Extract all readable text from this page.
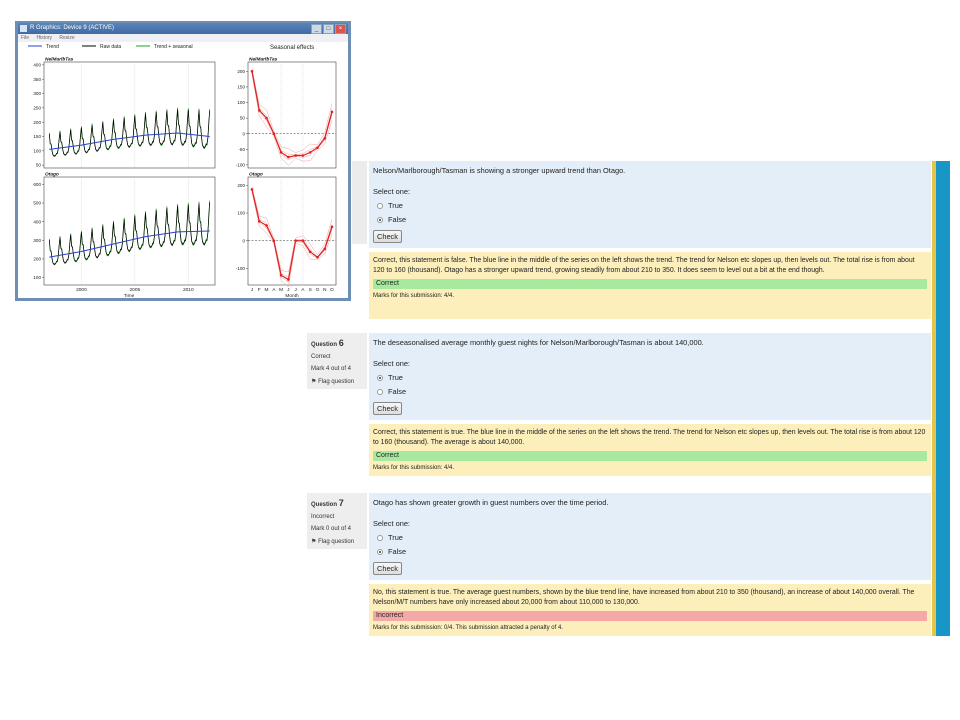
R Graphics: Device 9 (ACTIVE)	_ □ ×
File History Resize
Trend	Raw data	Trend + seasonal	Seasonal effects
NelMarlbTas
400
350
300
250
200
150
100
50
Otago
600
500
400
300
200
100
2000	2005	2010
Time
NelMarlbTas
200
150
100
50
0
-50
-100
Otago
200
100
0
-100
J F M A M J J A S O N D
Month
Nelson/Marlborough/Tasman is showing a stronger upward trend than Otago.
Select one:
True
False
Check
Correct, this statement is false. The blue line in the middle of the series on the left shows the trend. The trend for Nelson etc slopes up, then levels out. The total rise is from about 120 to 160 (thousand). Otago has a stronger upward trend, growing steadily from about 210 to 350. It does seem to level out a bit at the end though.
Correct
Marks for this submission: 4/4.
Question 6
Correct
Mark 4 out of 4
⚑ Flag question
The deseasonalised average monthly guest nights for Nelson/Marlborough/Tasman is about 140,000.
Select one:
True
False
Check
Correct, this statement is true. The blue line in the middle of the series on the left shows the trend. The trend for Nelson etc slopes up, then levels out. The total rise is from about 120 to 160 (thousand). The average is about 140,000.
Correct
Marks for this submission: 4/4.
Question 7
Incorrect
Mark 0 out of 4
⚑ Flag question
Otago has shown greater growth in guest numbers over the time period.
Select one:
True
False
Check
No, this statement is true. The average guest numbers, shown by the blue trend line, have increased from about 210 to 350 (thousand), an increase of about 140,000 overall. The Nelson/M/T numbers have only increased about 20,000 from about 110,000 to 130,000.
Incorrect
Marks for this submission: 0/4. This submission attracted a penalty of 4.
